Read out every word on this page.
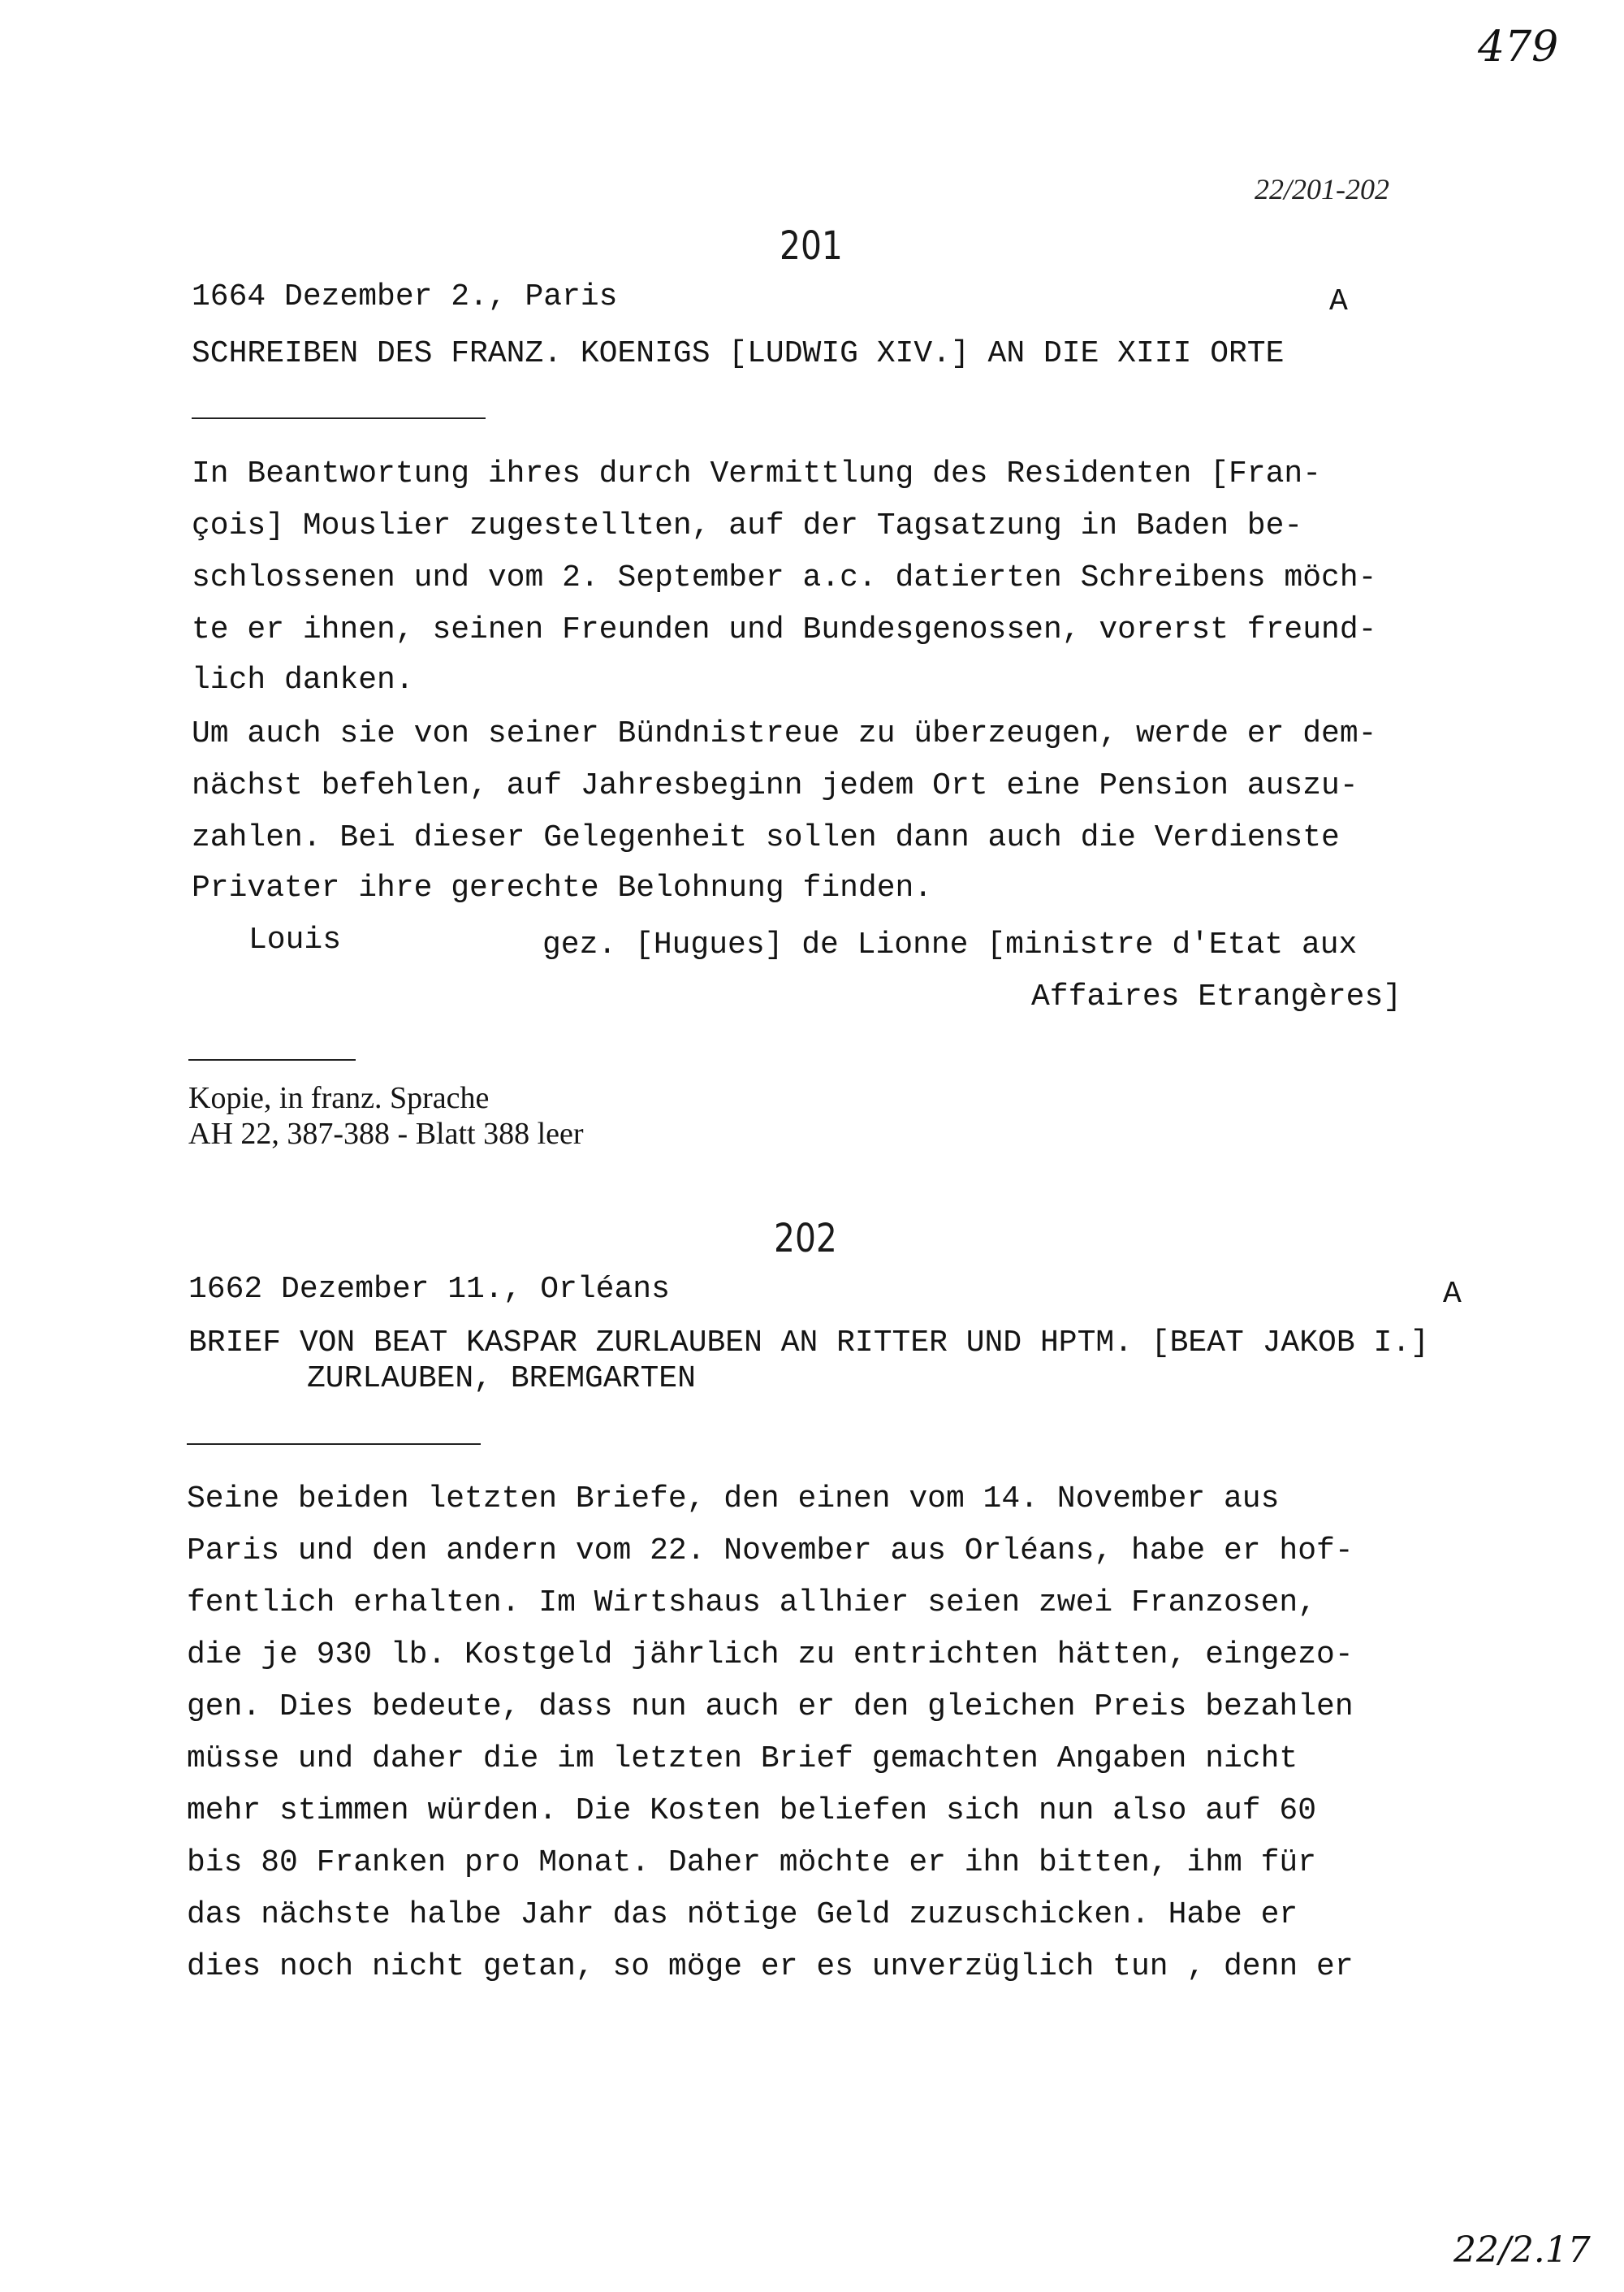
479
22/201-202
201
1664 Dezember 2., Paris	A
SCHREIBEN DES FRANZ. KOENIGS [LUDWIG XIV.] AN DIE XIII ORTE
In Beantwortung ihres durch Vermittlung des Residenten [Fran-
çois] Mouslier zugestellten, auf der Tagsatzung in Baden be-
schlossenen und vom 2. September a.c. datierten Schreibens möch-
te er ihnen, seinen Freunden und Bundesgenossen, vorerst freund-
lich danken.
Um auch sie von seiner Bündnistreue zu überzeugen, werde er dem-
nächst befehlen, auf Jahresbeginn jedem Ort eine Pension auszu-
zahlen. Bei dieser Gelegenheit sollen dann auch die Verdienste
Privater ihre gerechte Belohnung finden.
Louis	gez. [Hugues] de Lionne [ministre d'Etat aux
Affaires Etrangères]
Kopie, in franz. Sprache
AH 22, 387-388 - Blatt 388 leer
202
1662 Dezember 11., Orléans	A
BRIEF VON BEAT KASPAR ZURLAUBEN AN RITTER UND HPTM. [BEAT JAKOB I.]
ZURLAUBEN, BREMGARTEN
Seine beiden letzten Briefe, den einen vom 14. November aus
Paris und den andern vom 22. November aus Orléans, habe er hof-
fentlich erhalten. Im Wirtshaus allhier seien zwei Franzosen,
die je 930 lb. Kostgeld jährlich zu entrichten hätten, eingezo-
gen. Dies bedeute, dass nun auch er den gleichen Preis bezahlen
müsse und daher die im letzten Brief gemachten Angaben nicht
mehr stimmen würden. Die Kosten beliefen sich nun also auf 60
bis 80 Franken pro Monat. Daher möchte er ihn bitten, ihm für
das nächste halbe Jahr das nötige Geld zuzuschicken. Habe er
dies noch nicht getan, so möge er es unverzüglich tun , denn er
22/2.17
